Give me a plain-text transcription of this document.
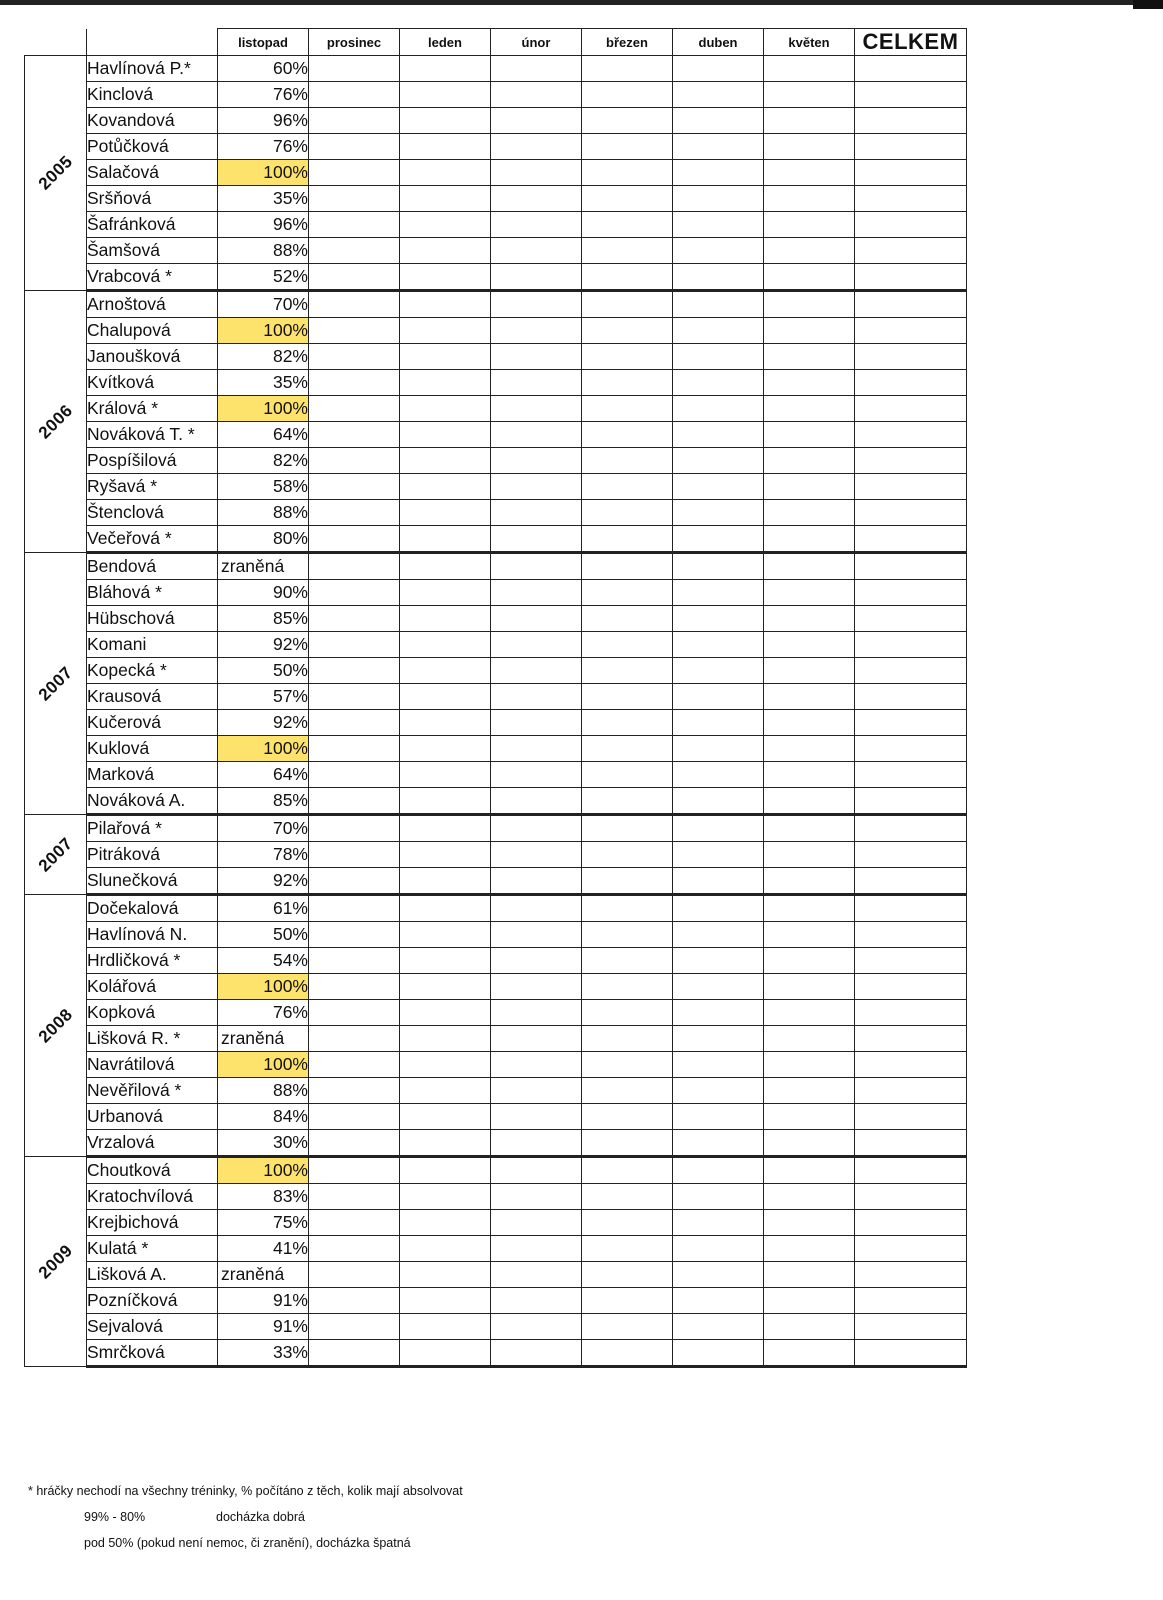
		listopad	prosinec	leden	únor	březen	duben	květen	CELKEM
2005	Havlínová P.*	60%							
	Kinclová	76%							
	Kovandová	96%							
	Potůčková	76%							
	Salačová	100%							
	Sršňová	35%							
	Šafránková	96%							
	Šamšová	88%							
	Vrabcová *	52%							
2006	Arnoštová	70%							
	Chalupová	100%							
	Janoušková	82%							
	Kvítková	35%							
	Králová *	100%							
	Nováková T. *	64%							
	Pospíšilová	82%							
	Ryšavá *	58%							
	Štenclová	88%							
	Večeřová *	80%							
2007	Bendová	zraněná							
	Bláhová *	90%							
	Hübschová	85%							
	Komani	92%							
	Kopecká *	50%							
	Krausová	57%							
	Kučerová	92%							
	Kuklová	100%							
	Marková	64%							
	Nováková A.	85%							
2007	Pilařová *	70%							
	Pitráková	78%							
	Slunečková	92%							
2008	Dočekalová	61%							
	Havlínová N.	50%							
	Hrdličková *	54%							
	Kolářová	100%							
	Kopková	76%							
	Lišková R. *	zraněná							
	Navrátilová	100%							
	Nevěřilová *	88%							
	Urbanová	84%							
	Vrzalová	30%							
2009	Choutková	100%							
	Kratochvílová	83%							
	Krejbichová	75%							
	Kulatá *	41%							
	Lišková A.	zraněná							
	Pozníčková	91%							
	Sejvalová	91%							
	Smrčková	33%							
* hráčky nechodí na všechny tréninky, % počítáno z těch, kolik mají absolvovat
99% - 80%	docházka dobrá
pod 50% (pokud není nemoc, či zranění), docházka špatná
